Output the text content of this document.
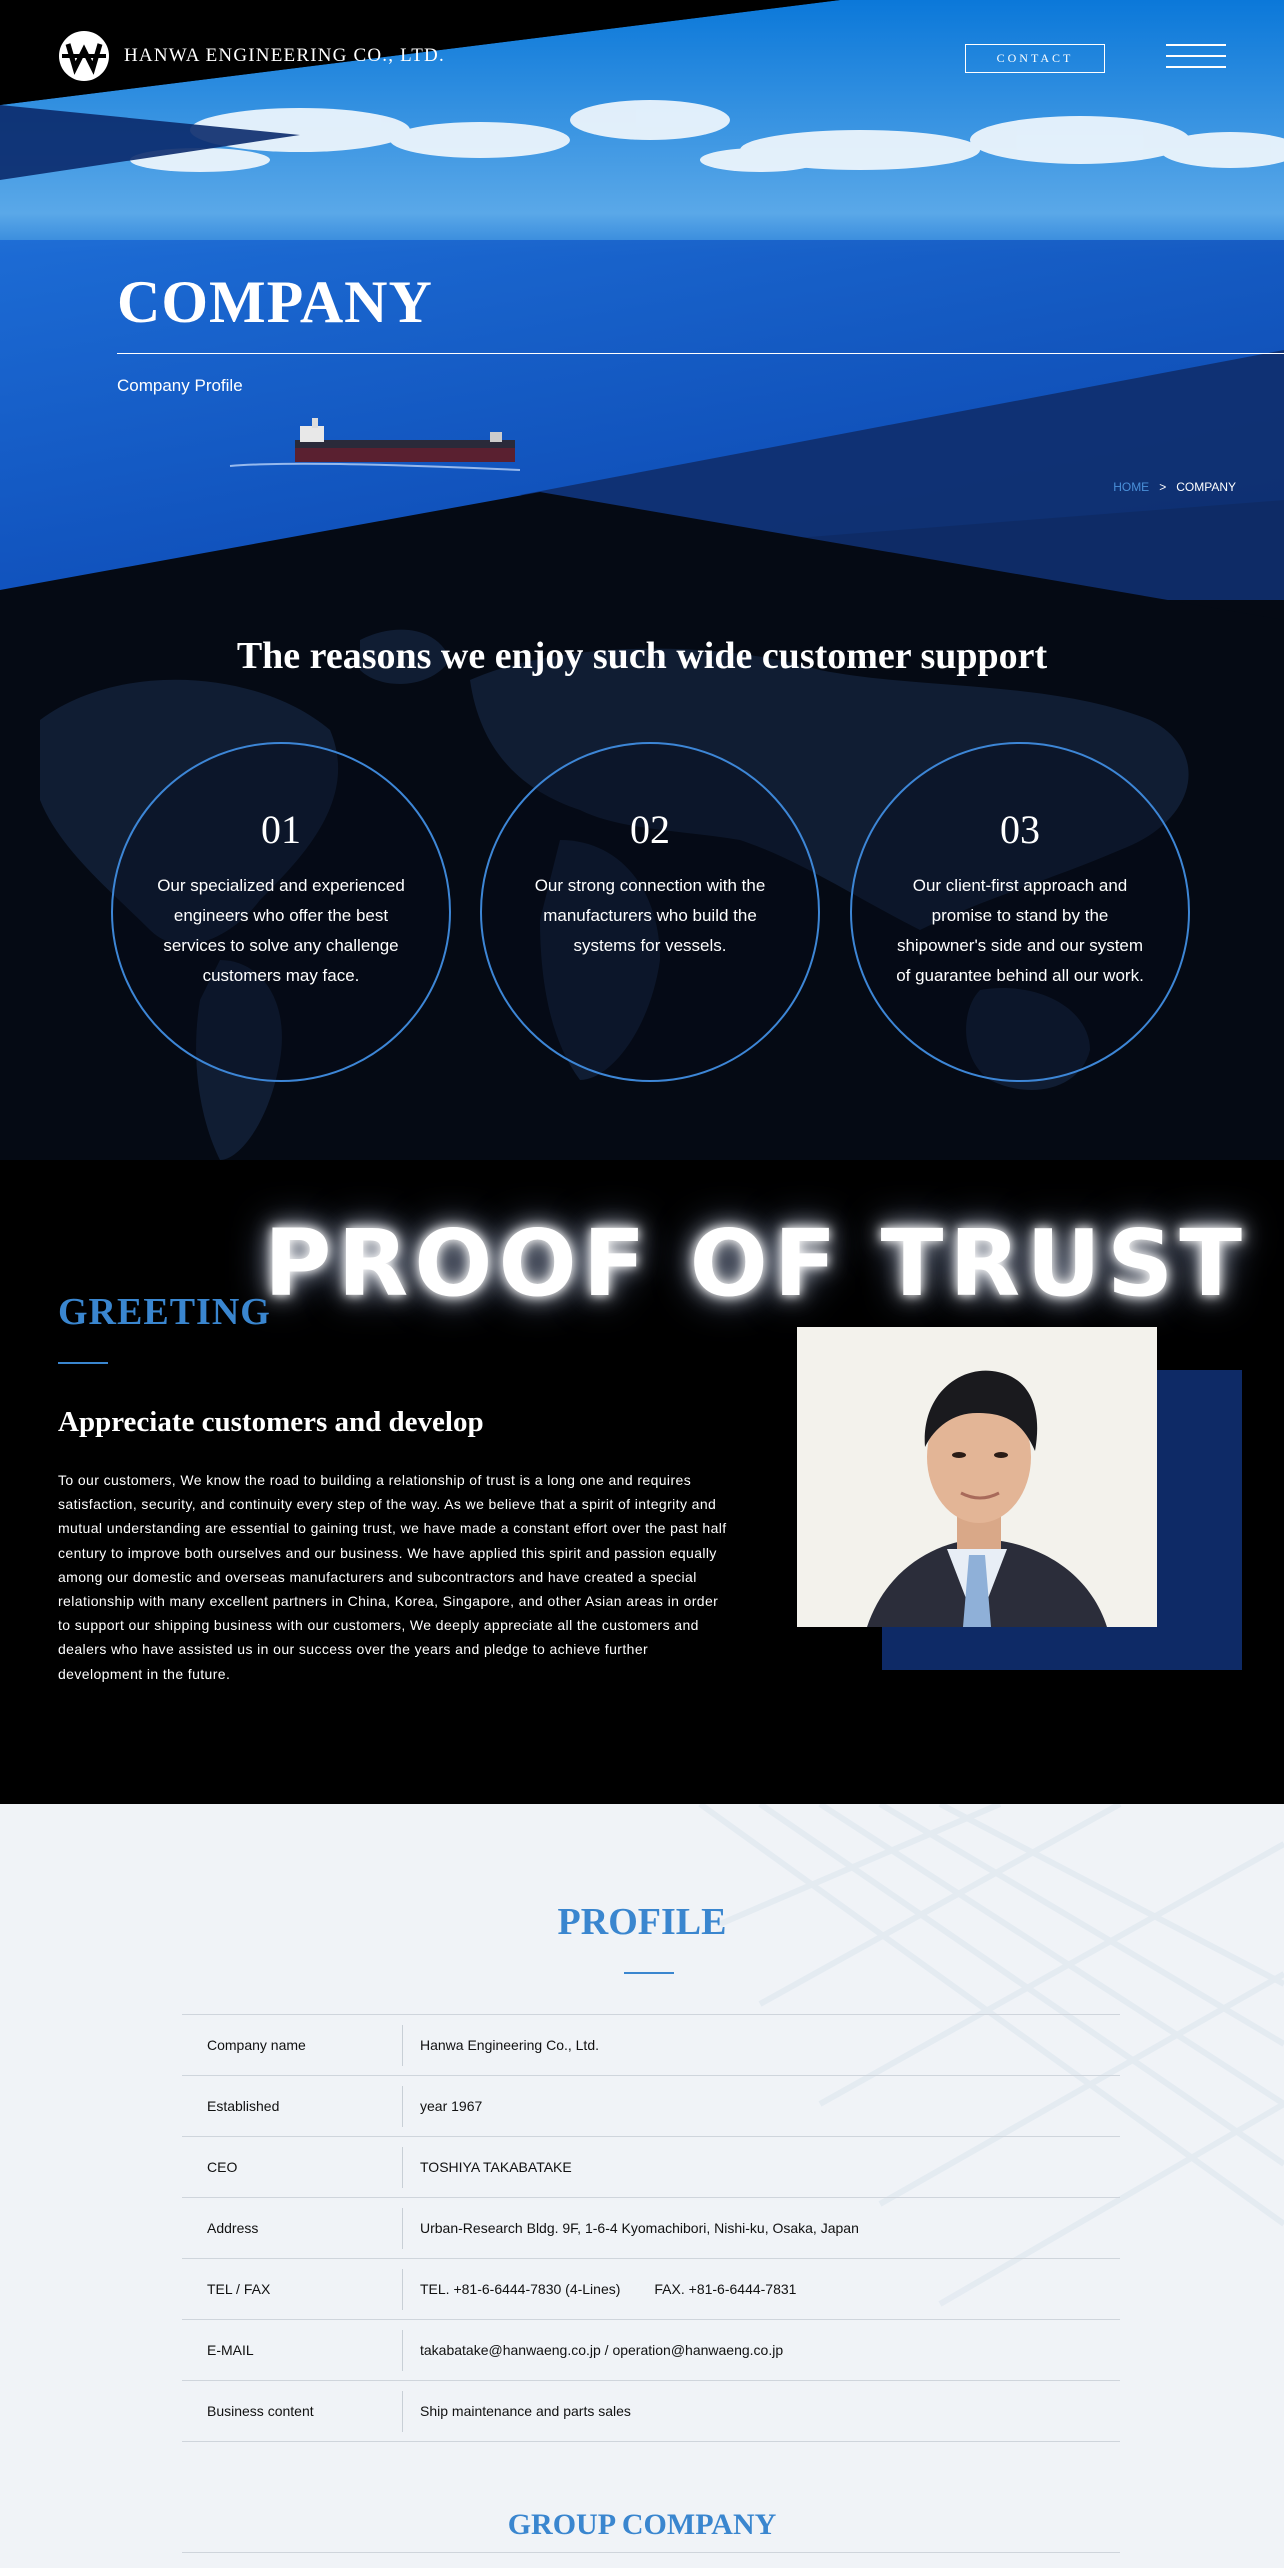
HANWA ENGINEERING CO., LTD.	CONTACT
COMPANY
Company Profile
HOME > COMPANY
The reasons we enjoy such wide customer support
01
Our specialized and experienced engineers who offer the best services to solve any challenge customers may face.
02
Our strong connection with the manufacturers who build the systems for vessels.
03
Our client-first approach and promise to stand by the shipowner's side and our system of guarantee behind all our work.
PROOF OF TRUST
GREETING
Appreciate customers and develop

To our customers, We know the road to building a relationship of trust is a long one and requires satisfaction, security, and continuity every step of the way. As we believe that a spirit of integrity and mutual understanding are essential to gaining trust, we have made a constant effort over the past half century to improve both ourselves and our business. We have applied this spirit and passion equally among our domestic and overseas manufacturers and subcontractors and have created a special relationship with many excellent partners in China, Korea, Singapore, and other Asian areas in order to support our shipping business with our customers, We deeply appreciate all the customers and dealers who have assisted us in our success over the years and pledge to achieve further development in the future.

PROFILE
Company name	Hanwa Engineering Co., Ltd.
Established	year 1967
CEO	TOSHIYA TAKABATAKE
Address	Urban-Research Bldg. 9F, 1-6-4 Kyomachibori, Nishi-ku, Osaka, Japan
TEL / FAX	TEL. +81-6-6444-7830 (4-Lines) FAX. +81-6-6444-7831
E-MAIL	takabatake@hanwaeng.co.jp / operation@hanwaeng.co.jp
Business content	Ship maintenance and parts sales
GROUP COMPANY
